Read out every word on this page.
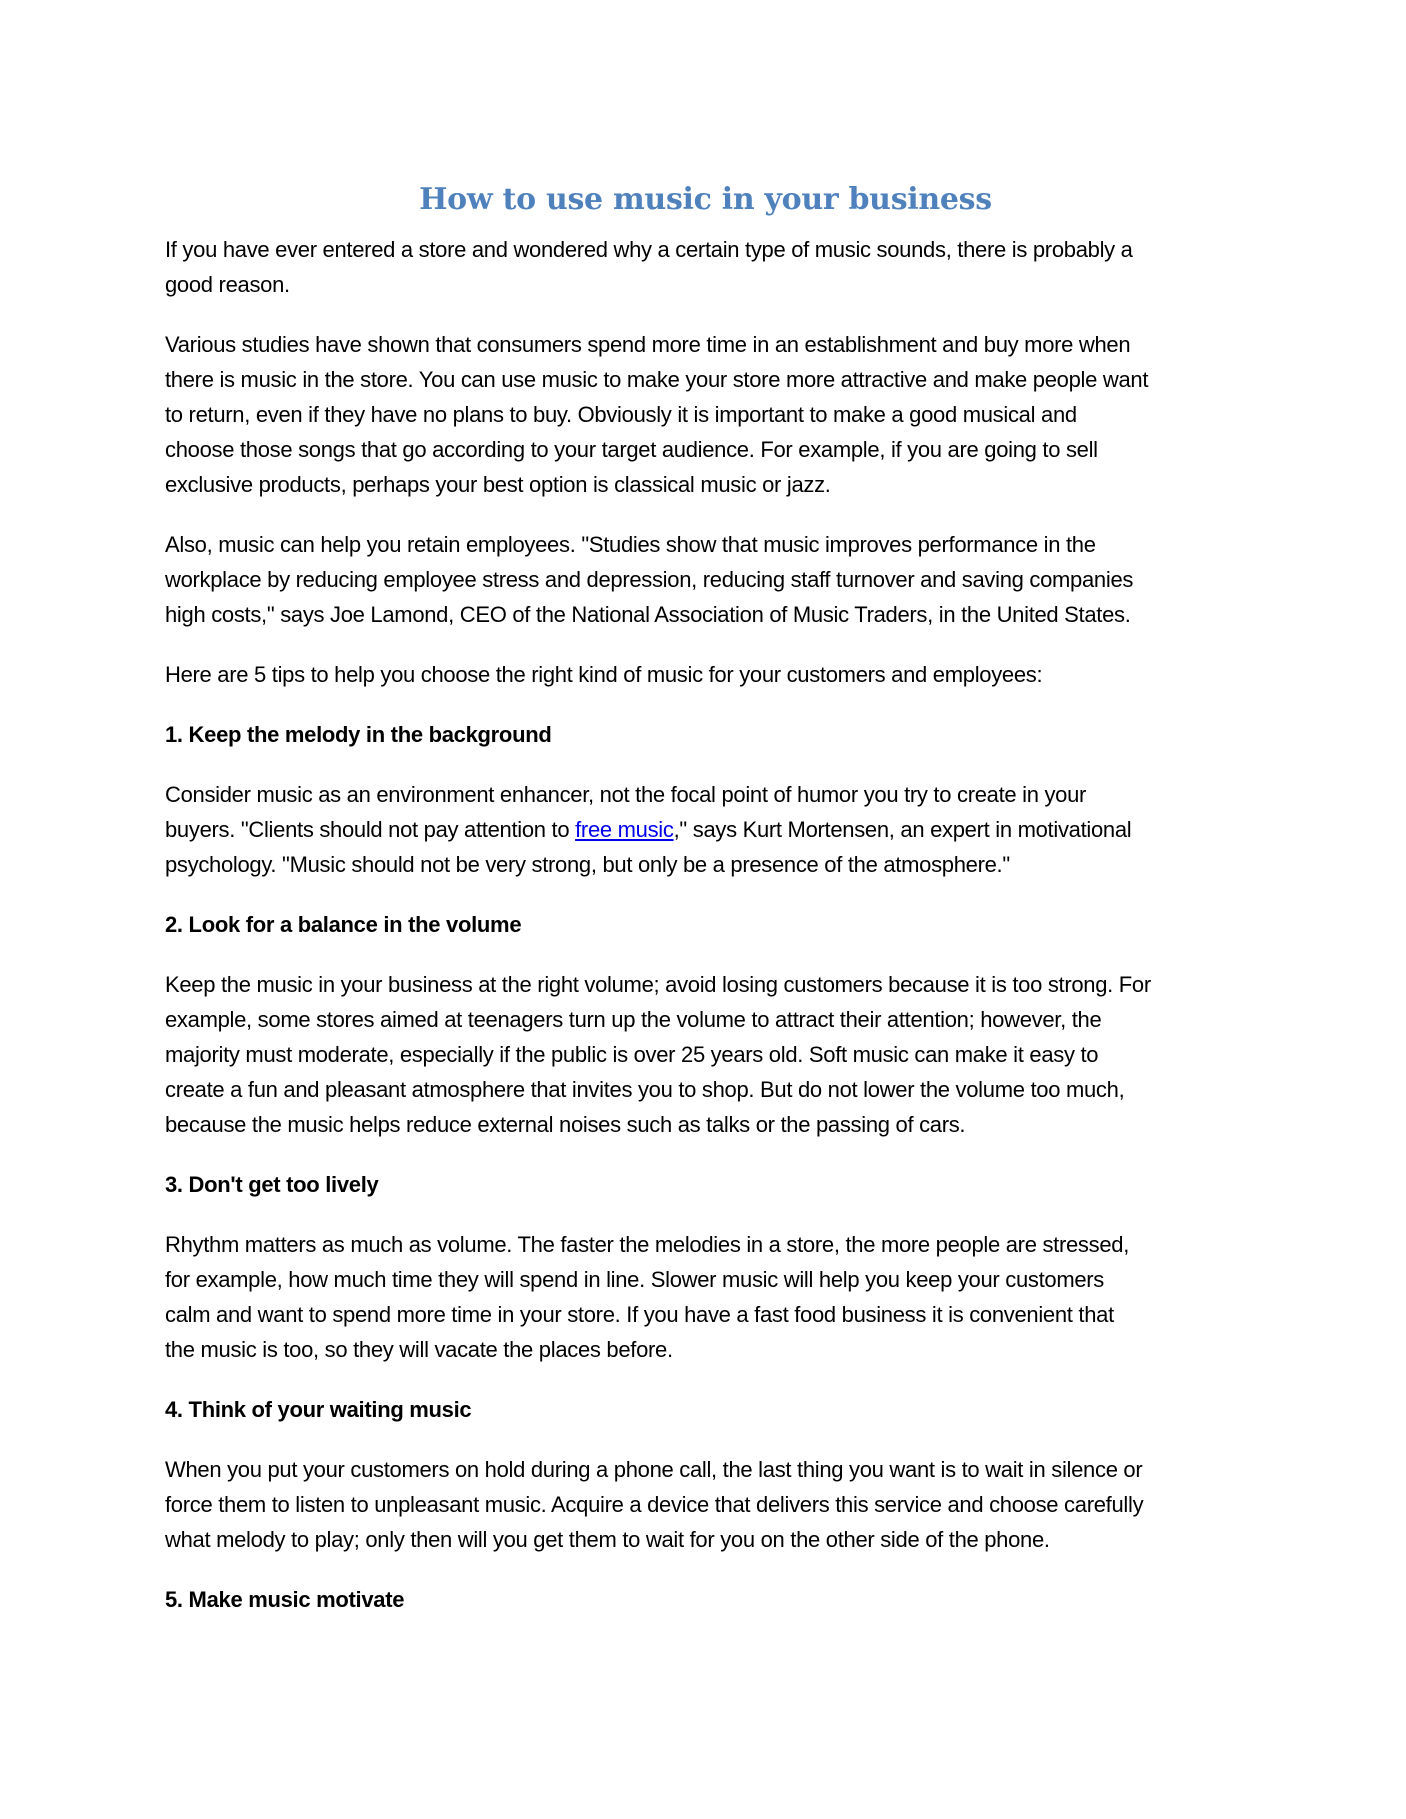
How to use music in your business
If you have ever entered a store and wondered why a certain type of music sounds, there is probably a
good reason.
Various studies have shown that consumers spend more time in an establishment and buy more when
there is music in the store. You can use music to make your store more attractive and make people want
to return, even if they have no plans to buy. Obviously it is important to make a good musical and
choose those songs that go according to your target audience. For example, if you are going to sell
exclusive products, perhaps your best option is classical music or jazz.
Also, music can help you retain employees. "Studies show that music improves performance in the
workplace by reducing employee stress and depression, reducing staff turnover and saving companies
high costs," says Joe Lamond, CEO of the National Association of Music Traders, in the United States.
Here are 5 tips to help you choose the right kind of music for your customers and employees:
1. Keep the melody in the background
Consider music as an environment enhancer, not the focal point of humor you try to create in your
buyers. "Clients should not pay attention to free music," says Kurt Mortensen, an expert in motivational
psychology. "Music should not be very strong, but only be a presence of the atmosphere."
2. Look for a balance in the volume
Keep the music in your business at the right volume; avoid losing customers because it is too strong. For
example, some stores aimed at teenagers turn up the volume to attract their attention; however, the
majority must moderate, especially if the public is over 25 years old. Soft music can make it easy to
create a fun and pleasant atmosphere that invites you to shop. But do not lower the volume too much,
because the music helps reduce external noises such as talks or the passing of cars.
3. Don't get too lively
Rhythm matters as much as volume. The faster the melodies in a store, the more people are stressed,
for example, how much time they will spend in line. Slower music will help you keep your customers
calm and want to spend more time in your store. If you have a fast food business it is convenient that
the music is too, so they will vacate the places before.
4. Think of your waiting music
When you put your customers on hold during a phone call, the last thing you want is to wait in silence or
force them to listen to unpleasant music. Acquire a device that delivers this service and choose carefully
what melody to play; only then will you get them to wait for you on the other side of the phone.
5. Make music motivate
